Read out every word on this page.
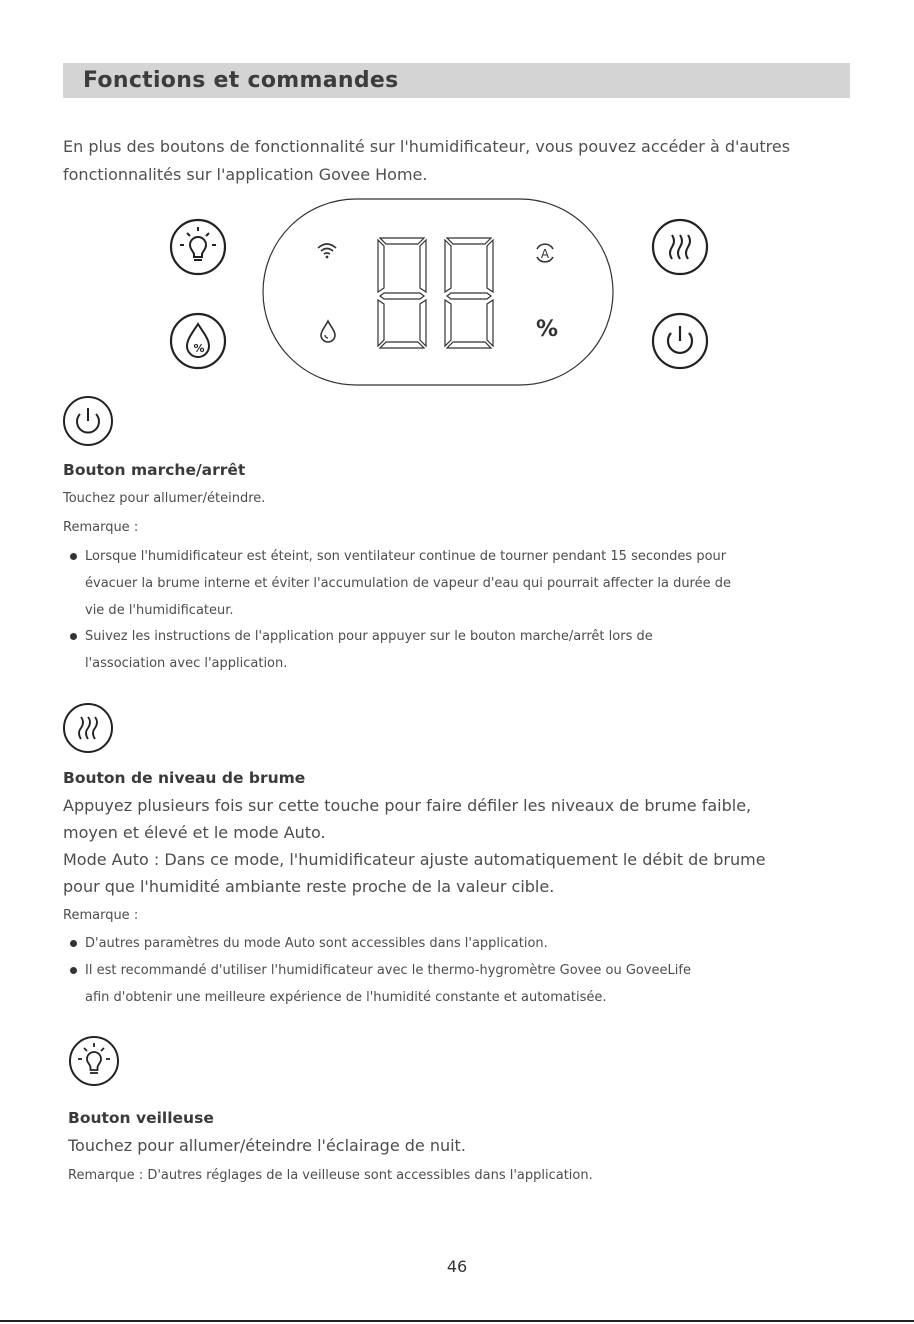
Fonctions et commandes
En plus des boutons de fonctionnalité sur l'humidificateur, vous pouvez accéder à d'autres
fonctionnalités sur l'application Govee Home.
%
A
%
Bouton marche/arrêt
Touchez pour allumer/éteindre.
Remarque :
Lorsque l'humidificateur est éteint, son ventilateur continue de tourner pendant 15 secondes pour
évacuer la brume interne et éviter l'accumulation de vapeur d'eau qui pourrait affecter la durée de
vie de l'humidificateur.
Suivez les instructions de l'application pour appuyer sur le bouton marche/arrêt lors de
l'association avec l'application.
Bouton de niveau de brume
Appuyez plusieurs fois sur cette touche pour faire défiler les niveaux de brume faible,
moyen et élevé et le mode Auto.
Mode Auto : Dans ce mode, l'humidificateur ajuste automatiquement le débit de brume
pour que l'humidité ambiante reste proche de la valeur cible.
Remarque :
D'autres paramètres du mode Auto sont accessibles dans l'application.
Il est recommandé d'utiliser l'humidificateur avec le thermo-hygromètre Govee ou GoveeLife
afin d'obtenir une meilleure expérience de l'humidité constante et automatisée.
Bouton veilleuse
Touchez pour allumer/éteindre l'éclairage de nuit.
Remarque : D'autres réglages de la veilleuse sont accessibles dans l'application.
46
